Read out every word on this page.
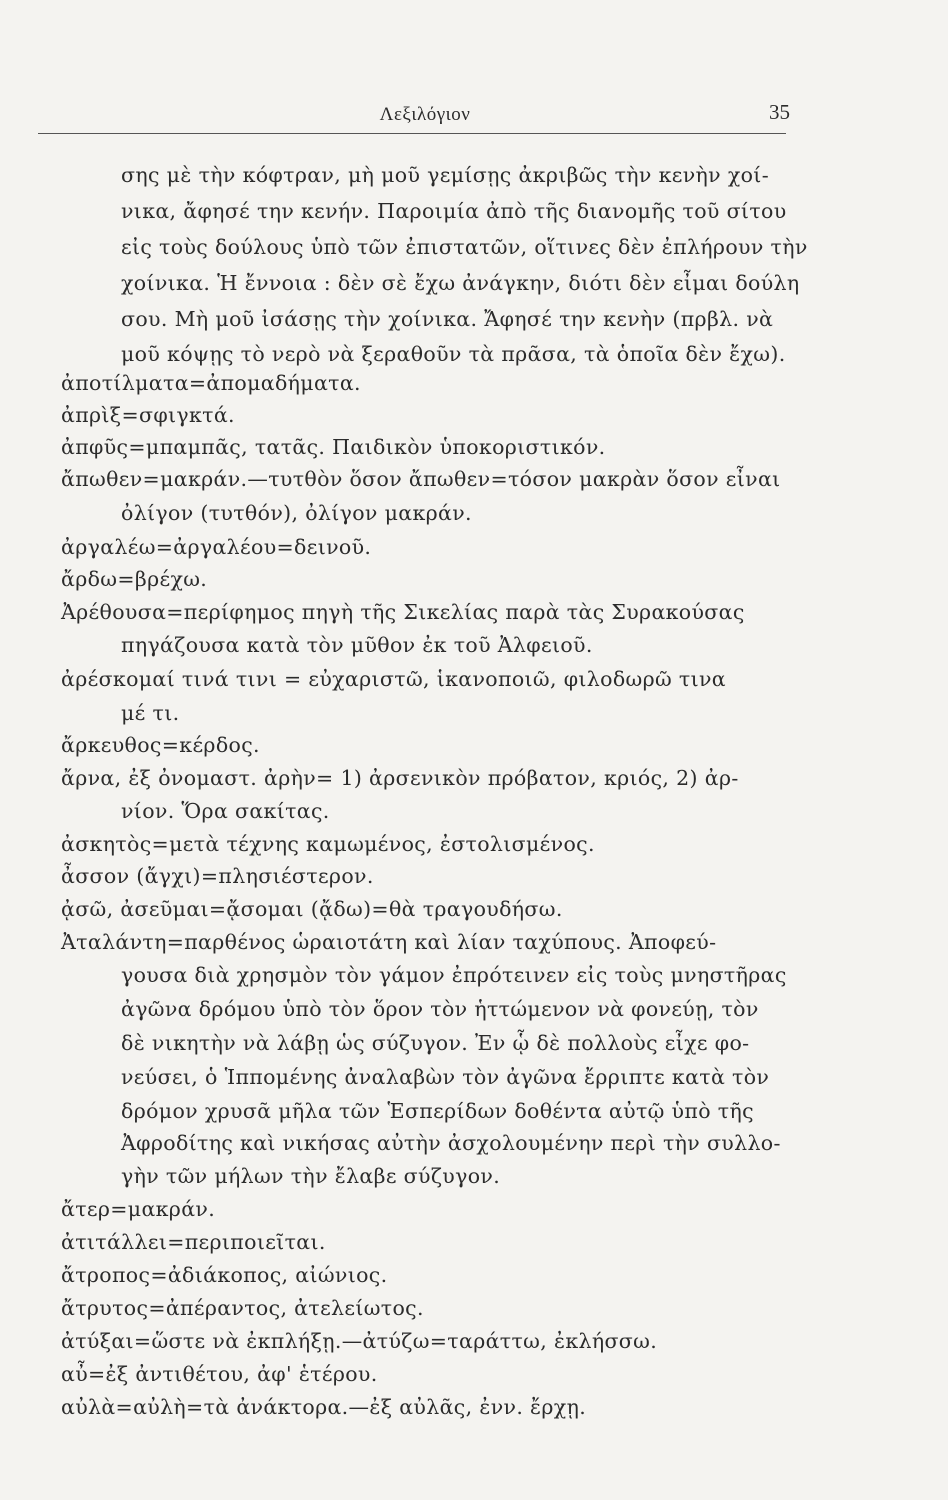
Λεξιλόγιον	35
σης μὲ τὴν κόφτραν, μὴ μοῦ γεμίσῃς ἀκριβῶς τὴν κενὴν χοί-
νικα, ἄφησέ την κενήν. Παροιμία ἀπὸ τῆς διανομῆς τοῦ σίτου
εἰς τοὺς δούλους ὑπὸ τῶν ἐπιστατῶν, οἵτινες δὲν ἐπλήρουν τὴν
χοίνικα. Ἡ ἔννοια : δὲν σὲ ἔχω ἀνάγκην, διότι δὲν εἶμαι δούλη
σου. Μὴ μοῦ ἰσάσῃς τὴν χοίνικα. Ἄφησέ την κενὴν (πρβλ. νὰ
μοῦ κόψῃς τὸ νερὸ νὰ ξεραθοῦν τὰ πρᾶσα, τὰ ὁποῖα δὲν ἔχω).
ἀποτίλματα=ἀπομαδήματα.
ἀπρὶξ=σφιγκτά.
ἀπφῦς=μπαμπᾶς, τατᾶς. Παιδικὸν ὑποκοριστικόν.
ἄπωθεν=μακράν.—τυτθὸν ὅσον ἄπωθεν=τόσον μακρὰν ὅσον εἶναι
ὀλίγον (τυτθόν), ὀλίγον μακράν.
ἀργαλέω=ἀργαλέου=δεινοῦ.
ἄρδω=βρέχω.
Ἀρέθουσα=περίφημος πηγὴ τῆς Σικελίας παρὰ τὰς Συρακούσας
πηγάζουσα κατὰ τὸν μῦθον ἐκ τοῦ Ἀλφειοῦ.
ἀρέσκομαί τινά τινι = εὐχαριστῶ, ἱκανοποιῶ, φιλοδωρῶ τινα
μέ τι.
ἄρκευθος=κέρδος.
ἄρνα, ἐξ ὀνομαστ. ἀρὴν= 1) ἀρσενικὸν πρόβατον, κριός, 2) ἀρ-
νίον. Ὅρα σακίτας.
ἀσκητὸς=μετὰ τέχνης καμωμένος, ἐστολισμένος.
ἆσσον (ἄγχι)=πλησιέστερον.
ᾀσῶ, ἀσεῦμαι=ᾄσομαι (ᾄδω)=θὰ τραγουδήσω.
Ἀταλάντη=παρθένος ὡραιοτάτη καὶ λίαν ταχύπους. Ἀποφεύ-
γουσα διὰ χρησμὸν τὸν γάμον ἐπρότεινεν εἰς τοὺς μνηστῆρας
ἀγῶνα δρόμου ὑπὸ τὸν ὅρον τὸν ἡττώμενον νὰ φονεύῃ, τὸν
δὲ νικητὴν νὰ λάβῃ ὡς σύζυγον. Ἐν ᾧ δὲ πολλοὺς εἶχε φο-
νεύσει, ὁ Ἱππομένης ἀναλαβὼν τὸν ἀγῶνα ἔρριπτε κατὰ τὸν
δρόμον χρυσᾶ μῆλα τῶν Ἑσπερίδων δοθέντα αὐτῷ ὑπὸ τῆς
Ἀφροδίτης καὶ νικήσας αὐτὴν ἀσχολουμένην περὶ τὴν συλλο-
γὴν τῶν μήλων τὴν ἔλαβε σύζυγον.
ἄτερ=μακράν.
ἀτιτάλλει=περιποιεῖται.
ἄτροπος=ἀδιάκοπος, αἰώνιος.
ἄτρυτος=ἀπέραντος, ἀτελείωτος.
ἀτύξαι=ὥστε νὰ ἐκπλήξῃ.—ἀτύζω=ταράττω, ἐκλήσσω.
αὖ=ἐξ ἀντιθέτου, ἀφ' ἑτέρου.
αὐλὰ=αὐλὴ=τὰ ἀνάκτορα.—ἐξ αὐλᾶς, ἐνν. ἔρχῃ.
